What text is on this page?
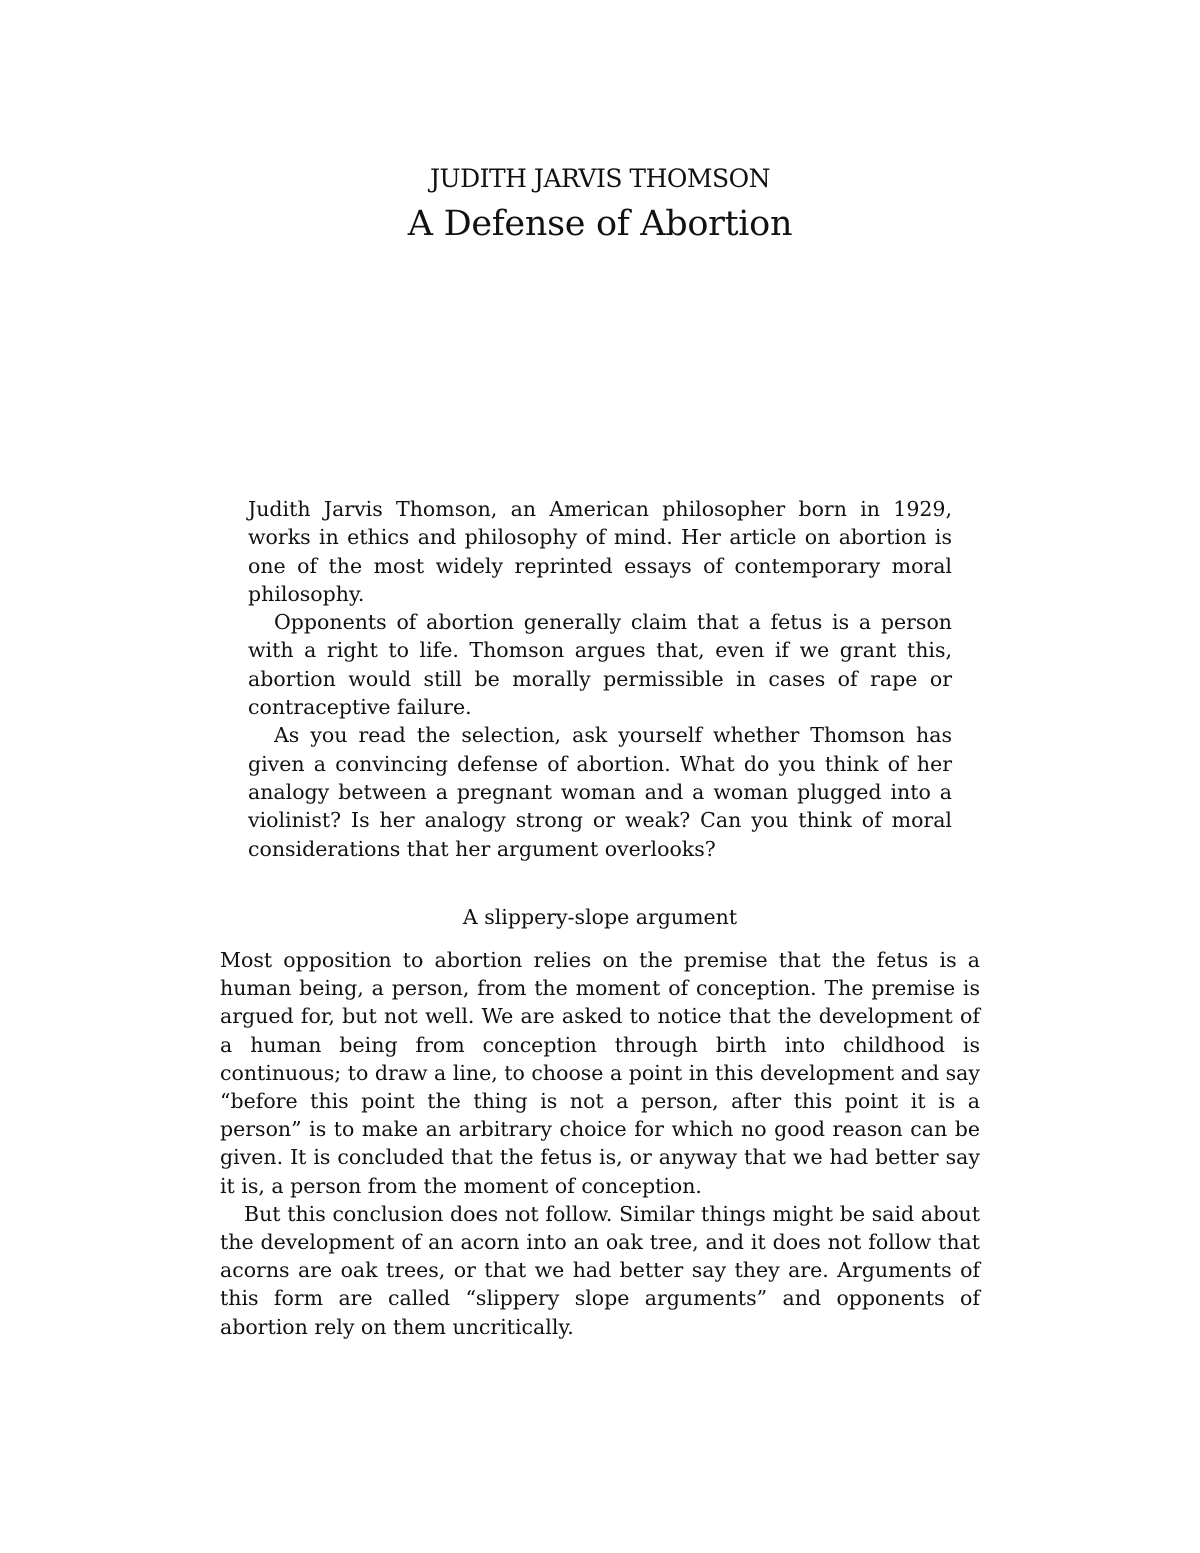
JUDITH JARVIS THOMSON
A Defense of Abortion

Judith Jarvis Thomson, an American philosopher born in 1929, works in ethics and philosophy of mind. Her article on abortion is one of the most widely reprinted essays of contemporary moral philosophy.

Opponents of abortion generally claim that a fetus is a person with a right to life. Thomson argues that, even if we grant this, abortion would still be morally permissible in cases of rape or contraceptive failure.

As you read the selection, ask yourself whether Thomson has given a convincing defense of abortion. What do you think of her analogy between a pregnant woman and a woman plugged into a violinist? Is her analogy strong or weak? Can you think of moral considerations that her argument overlooks?

A slippery-slope argument

Most opposition to abortion relies on the premise that the fetus is a human being, a person, from the moment of conception. The premise is argued for, but not well. We are asked to notice that the development of a human being from conception through birth into childhood is continuous; to draw a line, to choose a point in this development and say “before this point the thing is not a person, after this point it is a person” is to make an arbitrary choice for which no good reason can be given. It is concluded that the fetus is, or anyway that we had better say it is, a person from the moment of conception.

But this conclusion does not follow. Similar things might be said about the development of an acorn into an oak tree, and it does not follow that acorns are oak trees, or that we had better say they are. Arguments of this form are called “slippery slope arguments” and opponents of abortion rely on them uncritically.
